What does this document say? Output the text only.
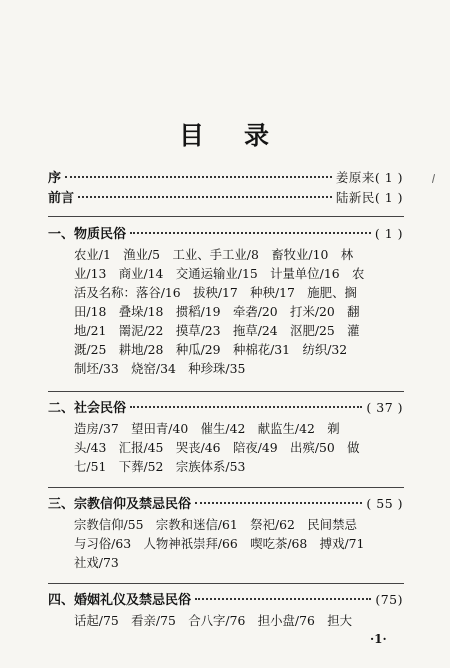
目 录
序	姜原来( 1 )
前言	陆新民( 1 )
一、物质民俗	( 1 )
农业/1　渔业/5　工业、手工业/8　畜牧业/10　林
业/13　商业/14　交通运输业/15　计量单位/16　农
活及名称：落谷/16　拔秧/17　种秧/17　施肥、搁
田/18　叠垛/18　掼稻/19　牵砻/20　打米/20　翻
地/21　罱泥/22　摸草/23　拖草/24　沤肥/25　灌
溉/25　耕地/28　种瓜/29　种棉花/31　纺织/32
制坯/33　烧窑/34　种珍珠/35
二、社会民俗	( 37 )
造房/37　望田青/40　催生/42　献监生/42　剃
头/43　汇报/45　哭丧/46　陪夜/49　出殡/50　做
七/51　下葬/52　宗族体系/53
三、宗教信仰及禁忌民俗	( 55 )
宗教信仰/55　宗教和迷信/61　祭祀/62　民间禁忌
与习俗/63　人物神祇崇拜/66　喫吃茶/68　搏戏/71
社戏/73
四、婚姻礼仪及禁忌民俗	(75)
话起/75　看亲/75　合八字/76　担小盘/76　担大
·1·
